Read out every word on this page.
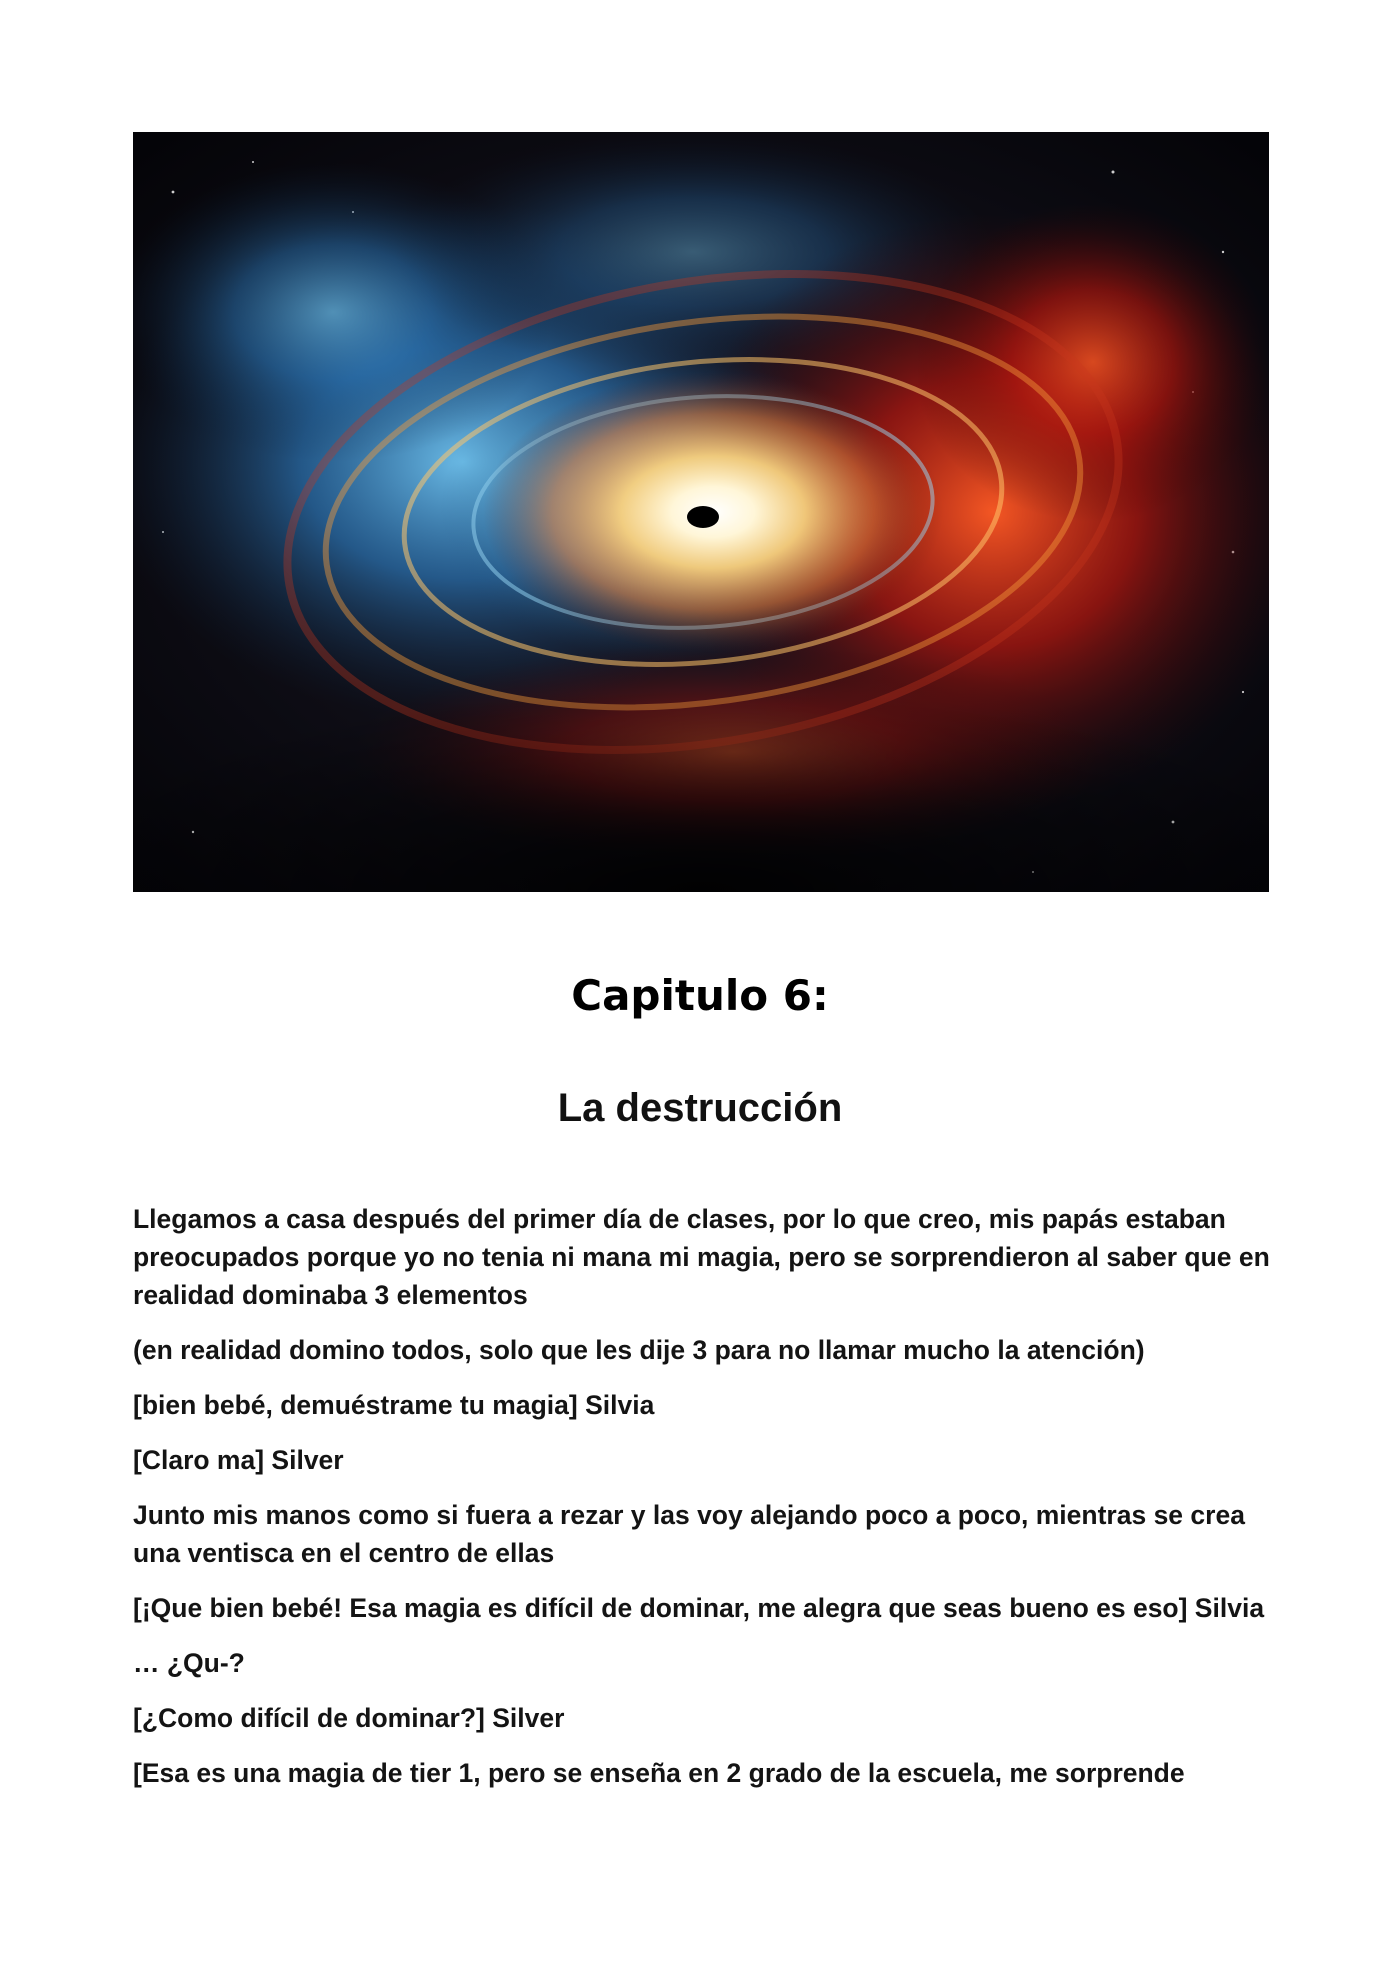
Capitulo 6:
La destrucción

Llegamos a casa después del primer día de clases, por lo que creo, mis papás estaban preocupados porque yo no tenia ni mana mi magia, pero se sorprendieron al saber que en realidad dominaba 3 elementos

(en realidad domino todos, solo que les dije 3 para no llamar mucho la atención)

[bien bebé, demuéstrame tu magia] Silvia

[Claro ma] Silver

Junto mis manos como si fuera a rezar y las voy alejando poco a poco, mientras se crea una ventisca en el centro de ellas

[¡Que bien bebé! Esa magia es difícil de dominar, me alegra que seas bueno es eso] Silvia

… ¿Qu-?

[¿Como difícil de dominar?] Silver

[Esa es una magia de tier 1, pero se enseña en 2 grado de la escuela, me sorprende
